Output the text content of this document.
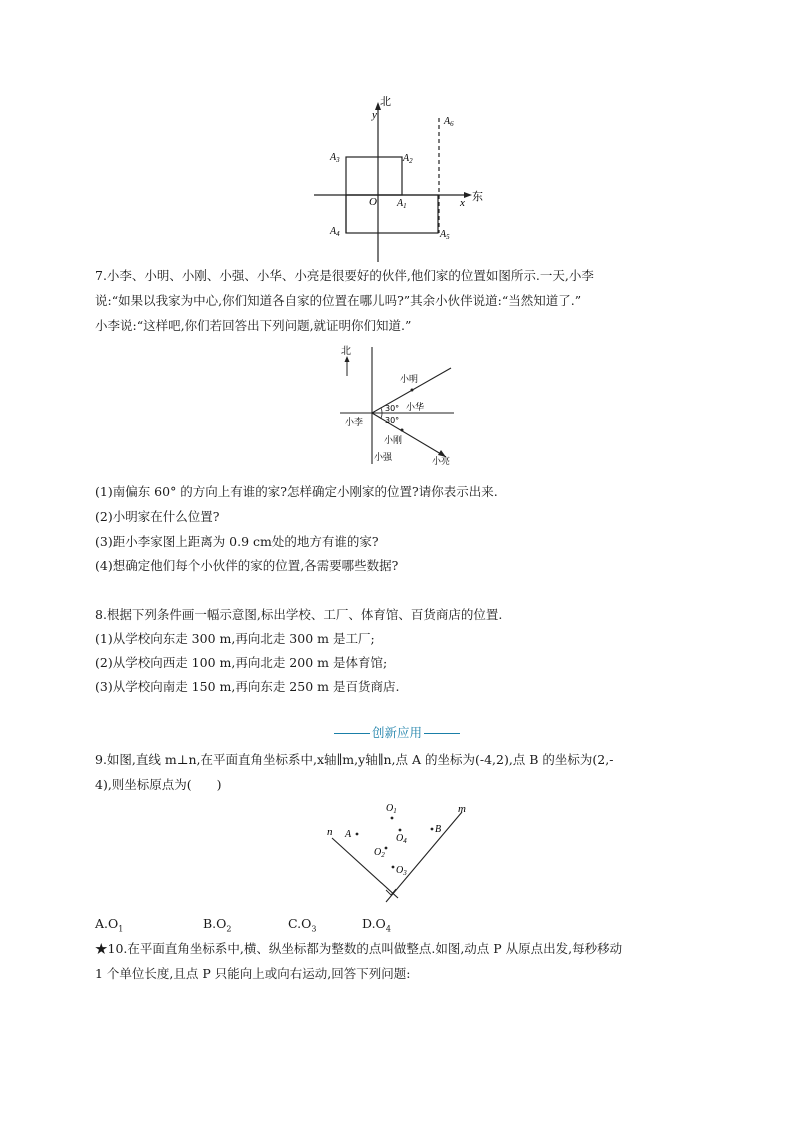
北
y
东
x
O $A_1$
$A_2$
$A_3$
$A_4$	$A_5$
$A_6$
7.小李、小明、小刚、小强、小华、小亮是很要好的伙伴,他们家的位置如图所示.一天,小李
说:“如果以我家为中心,你们知道各自家的位置在哪儿吗?”其余小伙伴说道:“当然知道了.”
小李说:“这样吧,你们若回答出下列问题,就证明你们知道.”
北
小明
30° 小华
30°
小李
小刚
小强	小亮
(1)南偏东 60° 的方向上有谁的家?怎样确定小刚家的位置?请你表示出来.
(2)小明家在什么位置?
(3)距小李家图上距离为 0.9 cm处的地方有谁的家?
(4)想确定他们每个小伙伴的家的位置,各需要哪些数据?
8.根据下列条件画一幅示意图,标出学校、工厂、体育馆、百货商店的位置.
(1)从学校向东走 300 m,再向北走 300 m 是工厂;
(2)从学校向西走 100 m,再向北走 200 m 是体育馆;
(3)从学校向南走 150 m,再向东走 250 m 是百货商店.
创新应用
9.如图,直线 m⊥n,在平面直角坐标系中,x轴∥m,y轴∥n,点 A 的坐标为(-4,2),点 B 的坐标为(2,-
4),则坐标原点为(　　)
m
n A	B
$O_1$
$O_4$
$O_2$
$O_3$
$A.O_1$	$B.O_2$	$C.O_3$	$D.O_4$
★10.在平面直角坐标系中,横、纵坐标都为整数的点叫做整点.如图,动点 P 从原点出发,每秒移动
1 个单位长度,且点 P 只能向上或向右运动,回答下列问题:
